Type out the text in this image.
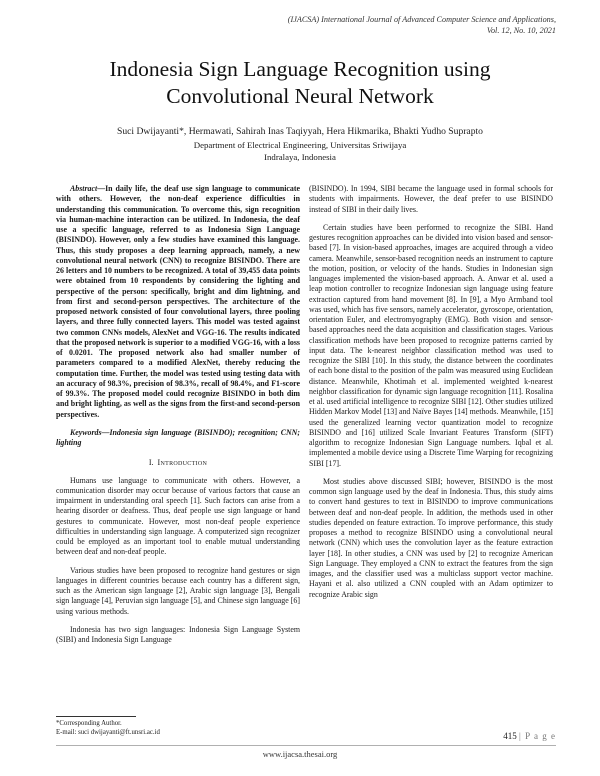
(IJACSA) International Journal of Advanced Computer Science and Applications,
Vol. 12, No. 10, 2021
Indonesia Sign Language Recognition using
Convolutional Neural Network
Suci Dwijayanti*, Hermawati, Sahirah Inas Taqiyyah, Hera Hikmarika, Bhakti Yudho Suprapto
Department of Electrical Engineering, Universitas Sriwijaya
Indralaya, Indonesia

Abstract—In daily life, the deaf use sign language to communicate with others. However, the non-deaf experience difficulties in understanding this communication. To overcome this, sign recognition via human-machine interaction can be utilized. In Indonesia, the deaf use a specific language, referred to as Indonesia Sign Language (BISINDO). However, only a few studies have examined this language. Thus, this study proposes a deep learning approach, namely, a new convolutional neural network (CNN) to recognize BISINDO. There are 26 letters and 10 numbers to be recognized. A total of 39,455 data points were obtained from 10 respondents by considering the lighting and perspective of the person: specifically, bright and dim lightning, and from first and second-person perspectives. The architecture of the proposed network consisted of four convolutional layers, three pooling layers, and three fully connected layers. This model was tested against two common CNNs models, AlexNet and VGG-16. The results indicated that the proposed network is superior to a modified VGG-16, with a loss of 0.0201. The proposed network also had smaller number of parameters compared to a modified AlexNet, thereby reducing the computation time. Further, the model was tested using testing data with an accuracy of 98.3%, precision of 98.3%, recall of 98.4%, and F1-score of 99.3%. The proposed model could recognize BISINDO in both dim and bright lighting, as well as the signs from the first-and second-person perspectives.

Keywords—Indonesia sign language (BISINDO); recognition; CNN; lighting

I. Introduction

Humans use language to communicate with others. However, a communication disorder may occur because of various factors that cause an impairment in understanding oral speech [1]. Such factors can arise from a hearing disorder or deafness. Thus, deaf people use sign language or hand gestures to communicate. However, most non-deaf people experience difficulties in understanding sign language. A computerized sign recognizer could be employed as an important tool to enable mutual understanding between deaf and non-deaf people.

Various studies have been proposed to recognize hand gestures or sign languages in different countries because each country has a different sign, such as the American sign language [2], Arabic sign language [3], Bengali sign language [4], Peruvian sign language [5], and Chinese sign language [6] using various methods.

Indonesia has two sign languages: Indonesia Sign Language System (SIBI) and Indonesia Sign Language

(BISINDO). In 1994, SIBI became the language used in formal schools for students with impairments. However, the deaf prefer to use BISINDO instead of SIBI in their daily lives.

Certain studies have been performed to recognize the SIBI. Hand gestures recognition approaches can be divided into vision based and sensor-based [7]. In vision-based approaches, images are acquired through a video camera. Meanwhile, sensor-based recognition needs an instrument to capture the motion, position, or velocity of the hands. Studies in Indonesian sign languages implemented the vision-based approach. A. Anwar et al. used a leap motion controller to recognize Indonesian sign language using feature extraction captured from hand movement [8]. In [9], a Myo Armband tool was used, which has five sensors, namely accelerator, gyroscope, orientation, orientation Euler, and electromyography (EMG). Both vision and sensor-based approaches need the data acquisition and classification stages. Various classification methods have been proposed to recognize patterns carried by input data. The k-nearest neighbor classification method was used to recognize the SIBI [10]. In this study, the distance between the coordinates of each bone distal to the position of the palm was measured using Euclidean distance. Meanwhile, Khotimah et al. implemented weighted k-nearest neighbor classification for dynamic sign language recognition [11]. Rosalina et al. used artificial intelligence to recognize SIBI [12]. Other studies utilized Hidden Markov Model [13] and Naïve Bayes [14] methods. Meanwhile, [15] used the generalized learning vector quantization model to recognize BISINDO and [16] utilized Scale Invariant Features Transform (SIFT) algorithm to recognize Indonesian Sign Language numbers. Iqbal et al. implemented a mobile device using a Discrete Time Warping for recognizing SIBI [17].

Most studies above discussed SIBI; however, BISINDO is the most common sign language used by the deaf in Indonesia. Thus, this study aims to convert hand gestures to text in BISINDO to improve communications between deaf and non-deaf people. In addition, the methods used in other studies depended on feature extraction. To improve performance, this study proposes a method to recognize BISINDO using a convolutional neural network (CNN) which uses the convolution layer as the feature extraction layer [18]. In other studies, a CNN was used by [2] to recognize American Sign Language. They employed a CNN to extract the features from the sign images, and the classifier used was a multiclass support vector machine. Hayani et al. also utilized a CNN coupled with an Adam optimizer to recognize Arabic sign

*Corresponding Author.
E-mail: suci dwijayanti@ft.unsri.ac.id	415 | P a g e
www.ijacsa.thesai.org
